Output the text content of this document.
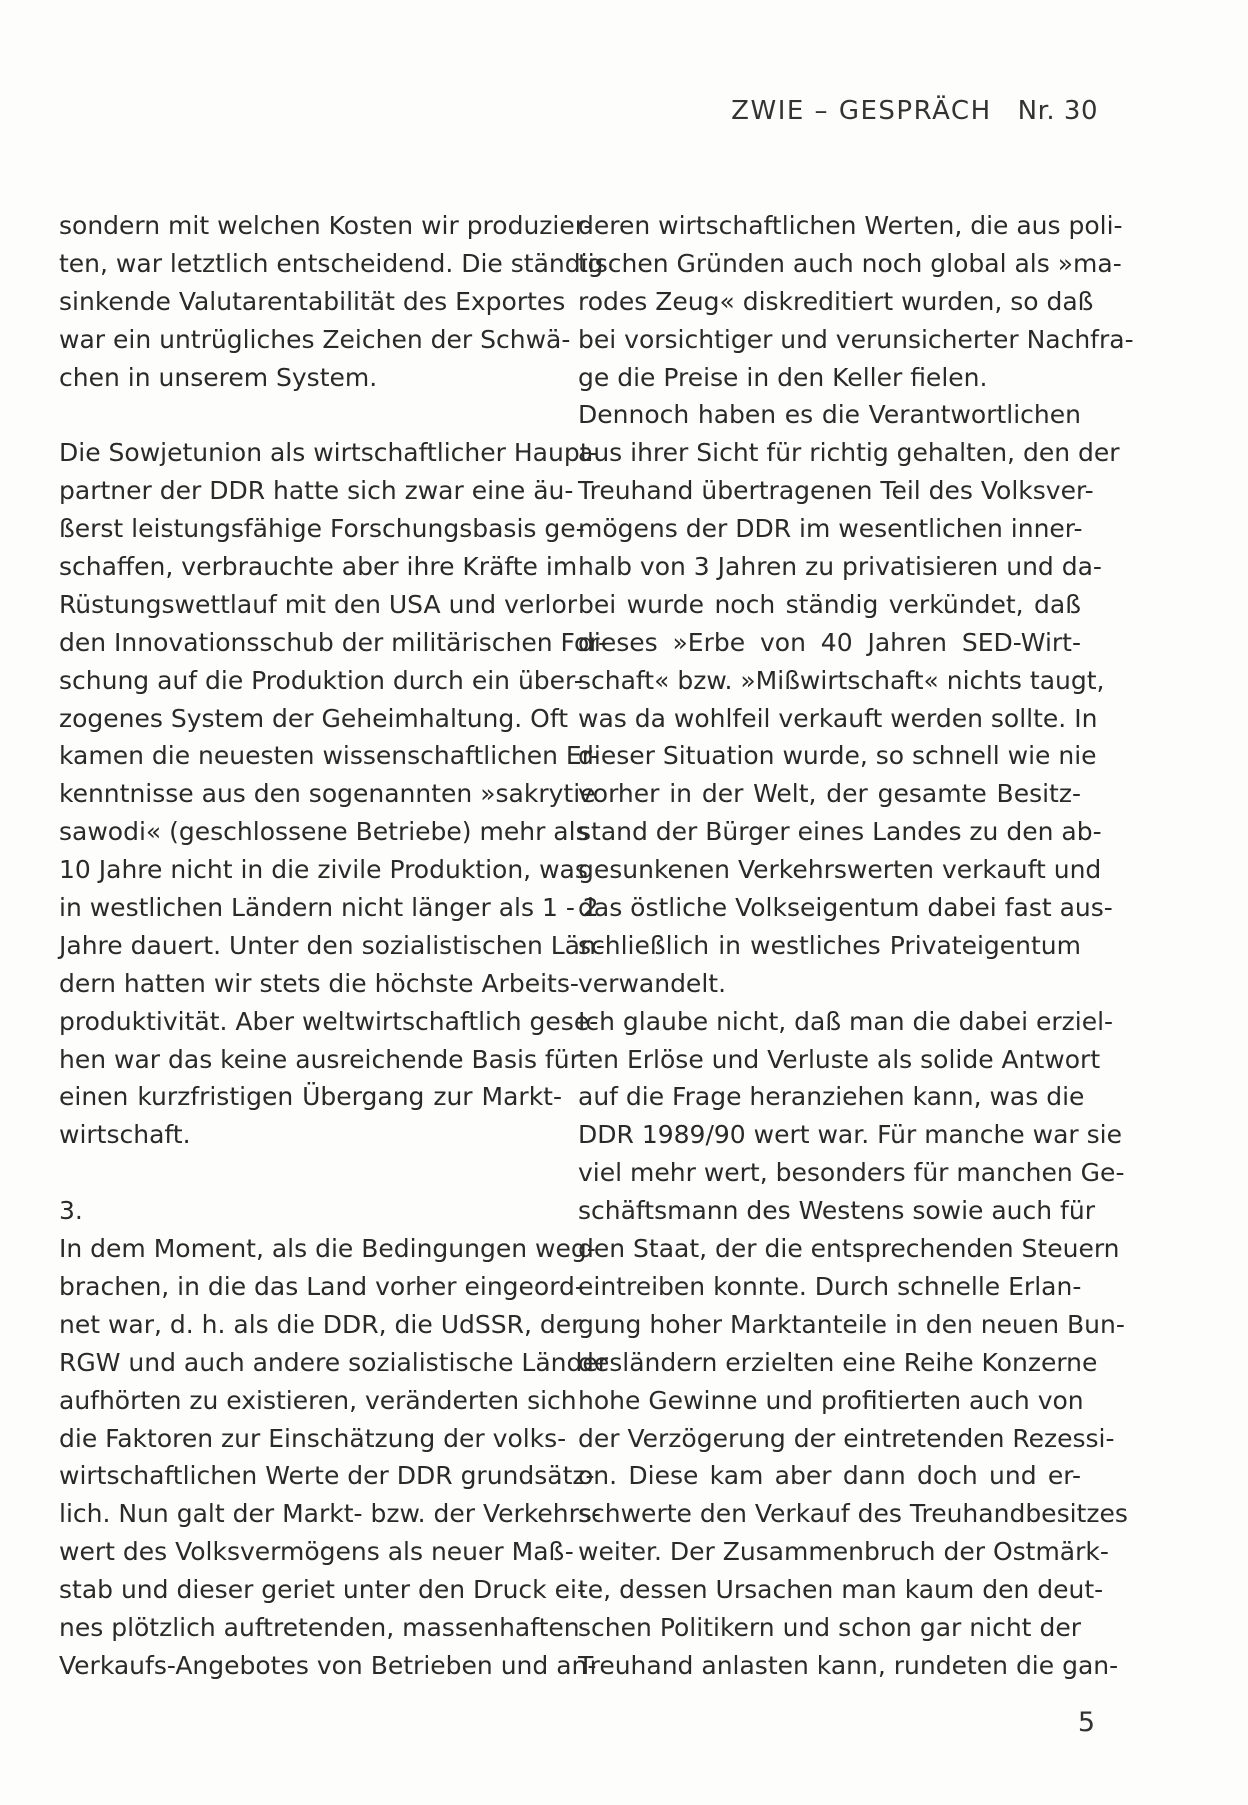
ZWIE – GESPRÄCH Nr. 30
sondern mit welchen Kosten wir produzier-
ten, war letztlich entscheidend. Die ständig
sinkende Valutarentabilität des Exportes
war ein untrügliches Zeichen der Schwä-
chen in unserem System.
Die Sowjetunion als wirtschaftlicher Haupt-
partner der DDR hatte sich zwar eine äu-
ßerst leistungsfähige Forschungsbasis ge-
schaffen, verbrauchte aber ihre Kräfte im
Rüstungswettlauf mit den USA und verlor
den Innovationsschub der militärischen For-
schung auf die Produktion durch ein über-
zogenes System der Geheimhaltung. Oft
kamen die neuesten wissenschaftlichen Er-
kenntnisse aus den sogenannten »sakrytie
sawodi« (geschlossene Betriebe) mehr als
10 Jahre nicht in die zivile Produktion, was
in westlichen Ländern nicht länger als 1 - 2
Jahre dauert. Unter den sozialistischen Län-
dern hatten wir stets die höchste Arbeits-
produktivität. Aber weltwirtschaftlich gese-
hen war das keine ausreichende Basis für
einen kurzfristigen Übergang zur Markt-
wirtschaft.
3.
In dem Moment, als die Bedingungen weg-
brachen, in die das Land vorher eingeord-
net war, d. h. als die DDR, die UdSSR, der
RGW und auch andere sozialistische Länder
aufhörten zu existieren, veränderten sich
die Faktoren zur Einschätzung der volks-
wirtschaftlichen Werte der DDR grundsätz-
lich. Nun galt der Markt- bzw. der Verkehrs-
wert des Volksvermögens als neuer Maß-
stab und dieser geriet unter den Druck ei-
nes plötzlich auftretenden, massenhaften
Verkaufs-Angebotes von Betrieben und an-
deren wirtschaftlichen Werten, die aus poli-
tischen Gründen auch noch global als »ma-
rodes Zeug« diskreditiert wurden, so daß
bei vorsichtiger und verunsicherter Nachfra-
ge die Preise in den Keller fielen.
Dennoch haben es die Verantwortlichen
aus ihrer Sicht für richtig gehalten, den der
Treuhand übertragenen Teil des Volksver-
mögens der DDR im wesentlichen inner-
halb von 3 Jahren zu privatisieren und da-
bei wurde noch ständig verkündet, daß
dieses »Erbe von 40 Jahren SED-Wirt-
schaft« bzw. »Mißwirtschaft« nichts taugt,
was da wohlfeil verkauft werden sollte. In
dieser Situation wurde, so schnell wie nie
vorher in der Welt, der gesamte Besitz-
stand der Bürger eines Landes zu den ab-
gesunkenen Verkehrswerten verkauft und
das östliche Volkseigentum dabei fast aus-
schließlich in westliches Privateigentum
verwandelt.
Ich glaube nicht, daß man die dabei erziel-
ten Erlöse und Verluste als solide Antwort
auf die Frage heranziehen kann, was die
DDR 1989/90 wert war. Für manche war sie
viel mehr wert, besonders für manchen Ge-
schäftsmann des Westens sowie auch für
den Staat, der die entsprechenden Steuern
eintreiben konnte. Durch schnelle Erlan-
gung hoher Marktanteile in den neuen Bun-
desländern erzielten eine Reihe Konzerne
hohe Gewinne und profitierten auch von
der Verzögerung der eintretenden Rezessi-
on. Diese kam aber dann doch und er-
schwerte den Verkauf des Treuhandbesitzes
weiter. Der Zusammenbruch der Ostmärk-
te, dessen Ursachen man kaum den deut-
schen Politikern und schon gar nicht der
Treuhand anlasten kann, rundeten die gan-
5
